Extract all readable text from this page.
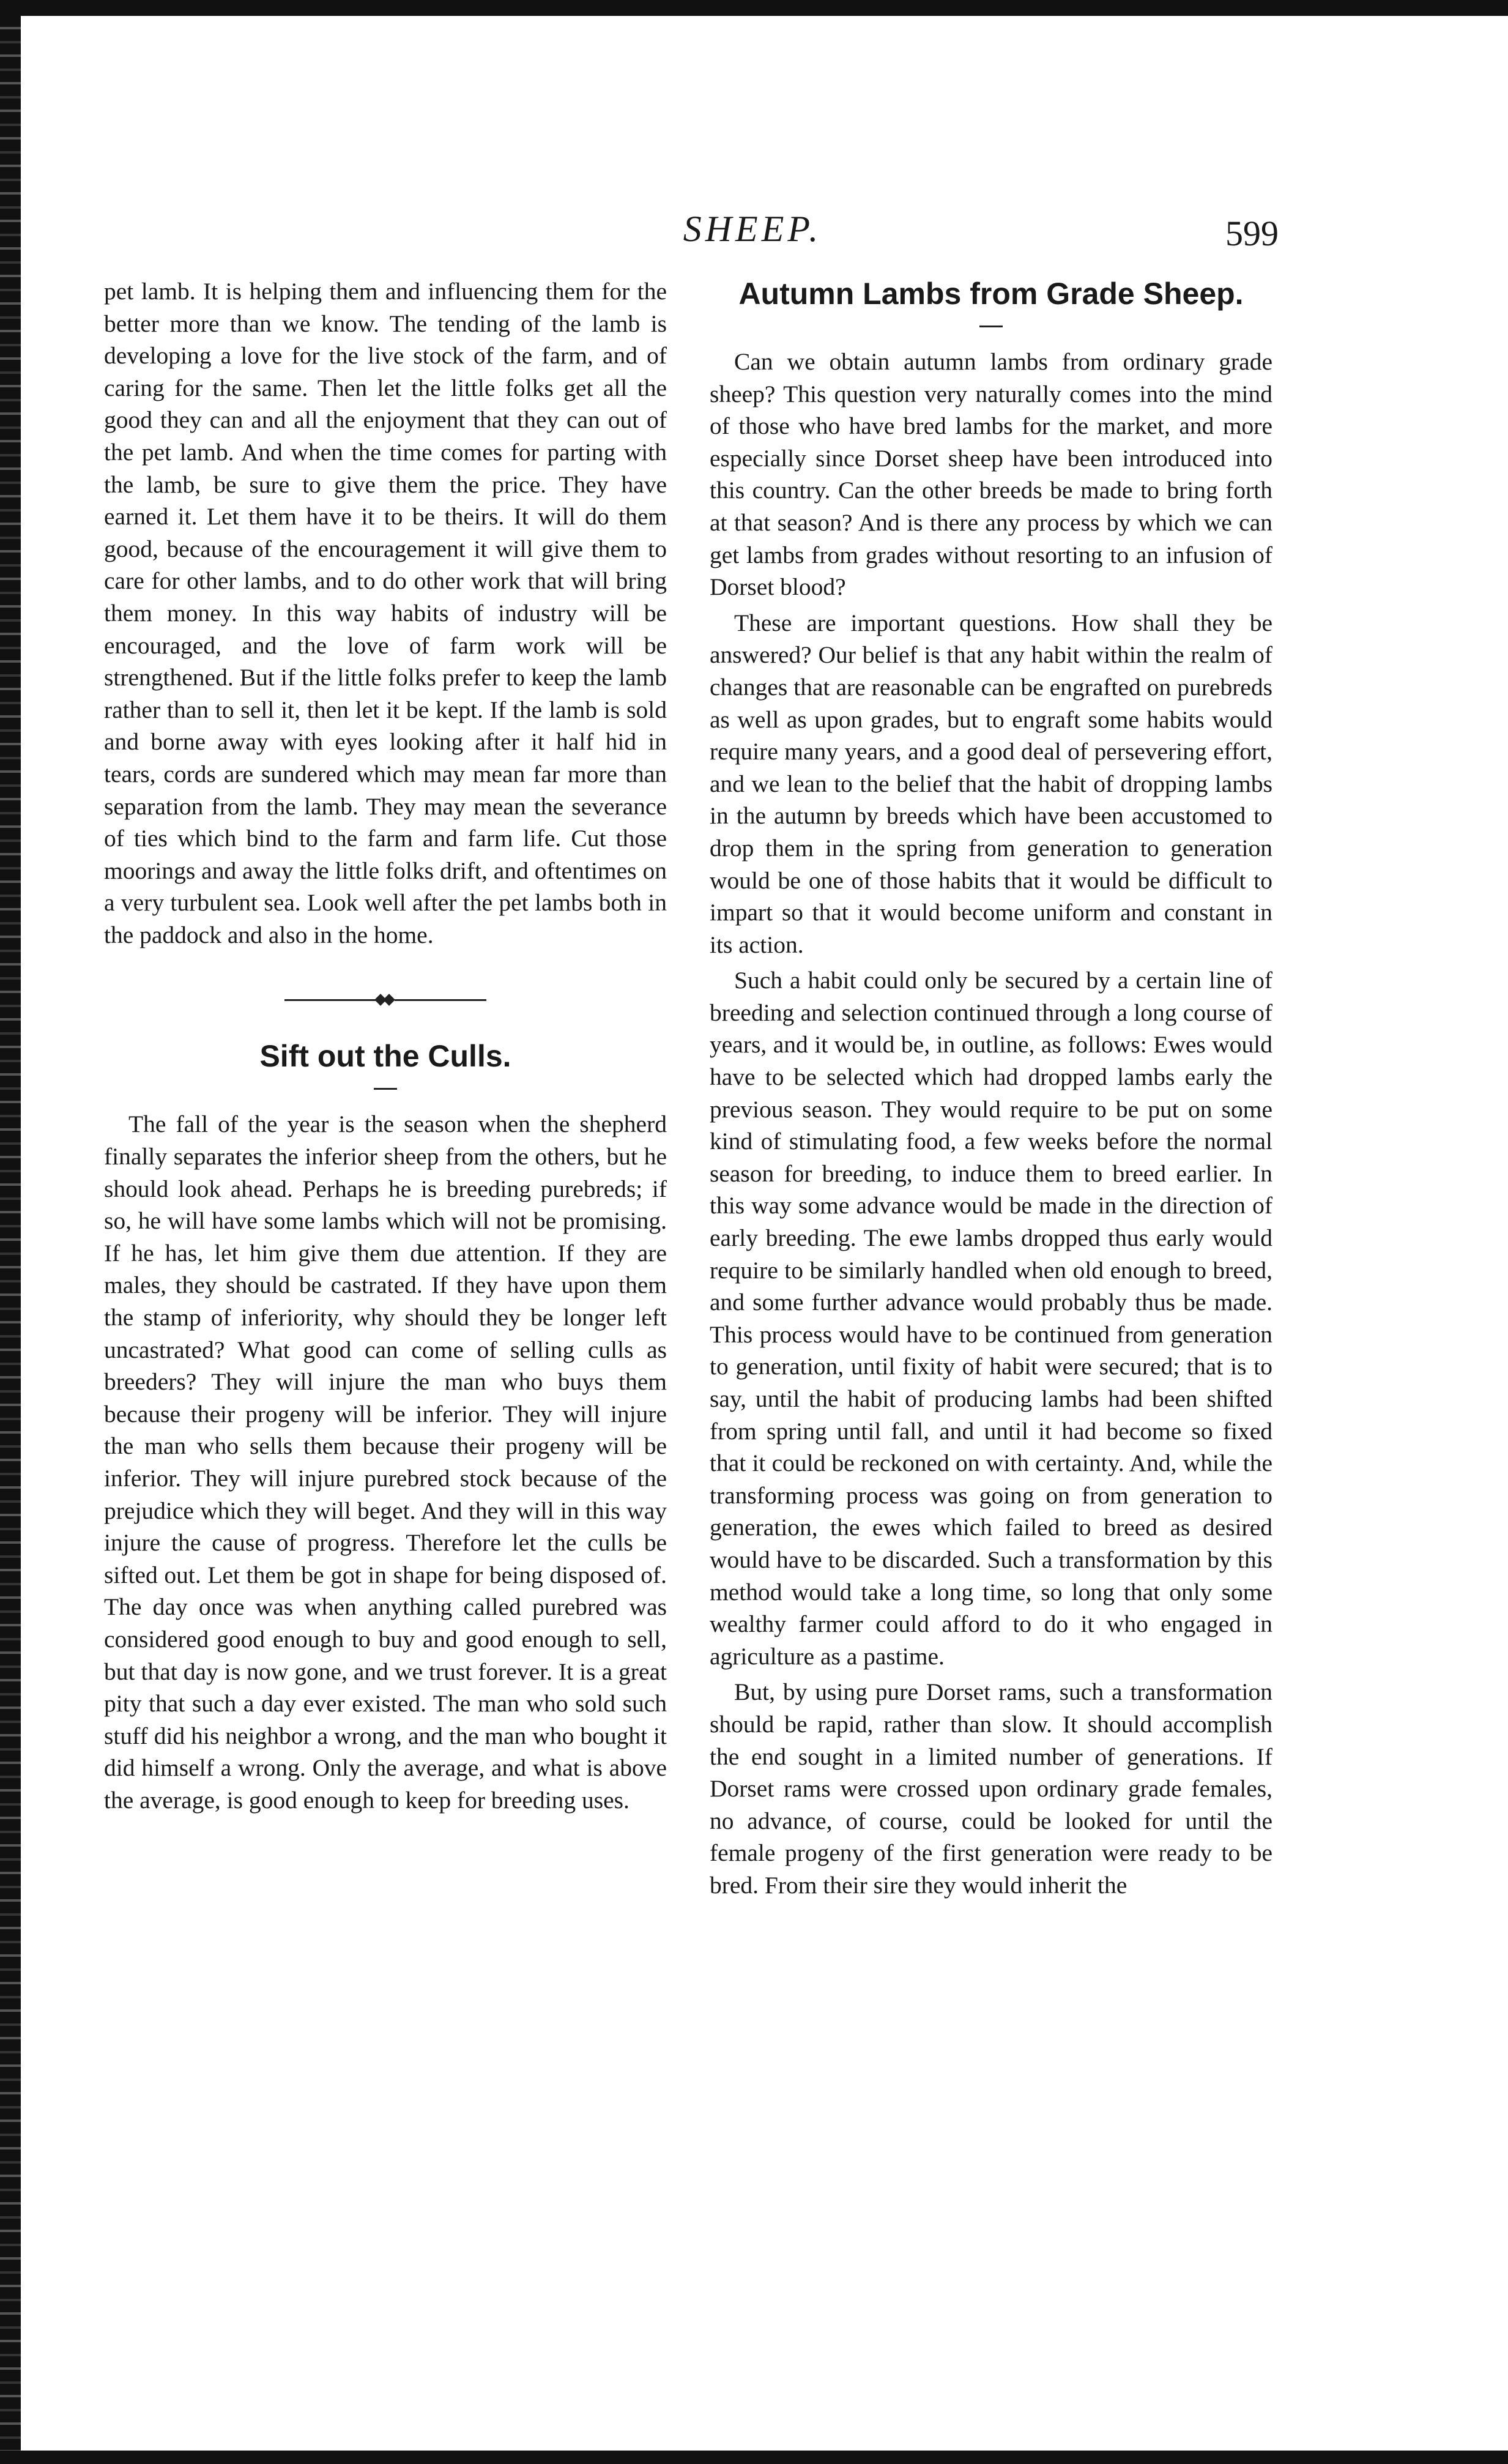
SHEEP.	599

pet lamb. It is helping them and influencing them for the better more than we know. The tending of the lamb is developing a love for the live stock of the farm, and of caring for the same. Then let the little folks get all the good they can and all the enjoyment that they can out of the pet lamb. And when the time comes for parting with the lamb, be sure to give them the price. They have earned it. Let them have it to be theirs. It will do them good, because of the encouragement it will give them to care for other lambs, and to do other work that will bring them money. In this way habits of industry will be encouraged, and the love of farm work will be strengthened. But if the little folks prefer to keep the lamb rather than to sell it, then let it be kept. If the lamb is sold and borne away with eyes looking after it half hid in tears, cords are sundered which may mean far more than separation from the lamb. They may mean the severance of ties which bind to the farm and farm life. Cut those moorings and away the little folks drift, and oftentimes on a very turbulent sea. Look well after the pet lambs both in the paddock and also in the home.

Sift out the Culls.

The fall of the year is the season when the shepherd finally separates the inferior sheep from the others, but he should look ahead. Perhaps he is breeding purebreds; if so, he will have some lambs which will not be promising. If he has, let him give them due attention. If they are males, they should be castrated. If they have upon them the stamp of inferiority, why should they be longer left uncastrated? What good can come of selling culls as breeders? They will injure the man who buys them because their progeny will be inferior. They will injure the man who sells them because their progeny will be inferior. They will injure purebred stock because of the prejudice which they will beget. And they will in this way injure the cause of progress. Therefore let the culls be sifted out. Let them be got in shape for being disposed of. The day once was when anything called purebred was considered good enough to buy and good enough to sell, but that day is now gone, and we trust forever. It is a great pity that such a day ever existed. The man who sold such stuff did his neighbor a wrong, and the man who bought it did himself a wrong. Only the average, and what is above the average, is good enough to keep for breeding uses.

Autumn Lambs from Grade Sheep.

Can we obtain autumn lambs from ordinary grade sheep? This question very naturally comes into the mind of those who have bred lambs for the market, and more especially since Dorset sheep have been introduced into this country. Can the other breeds be made to bring forth at that season? And is there any process by which we can get lambs from grades without resorting to an infusion of Dorset blood?

These are important questions. How shall they be answered? Our belief is that any habit within the realm of changes that are reasonable can be engrafted on purebreds as well as upon grades, but to engraft some habits would require many years, and a good deal of persevering effort, and we lean to the belief that the habit of dropping lambs in the autumn by breeds which have been accustomed to drop them in the spring from generation to generation would be one of those habits that it would be difficult to impart so that it would become uniform and constant in its action.

Such a habit could only be secured by a certain line of breeding and selection continued through a long course of years, and it would be, in outline, as follows: Ewes would have to be selected which had dropped lambs early the previous season. They would require to be put on some kind of stimulating food, a few weeks before the normal season for breeding, to induce them to breed earlier. In this way some advance would be made in the direction of early breeding. The ewe lambs dropped thus early would require to be similarly handled when old enough to breed, and some further advance would probably thus be made. This process would have to be continued from generation to generation, until fixity of habit were secured; that is to say, until the habit of producing lambs had been shifted from spring until fall, and until it had become so fixed that it could be reckoned on with certainty. And, while the transforming process was going on from generation to generation, the ewes which failed to breed as desired would have to be discarded. Such a transformation by this method would take a long time, so long that only some wealthy farmer could afford to do it who engaged in agriculture as a pastime.

But, by using pure Dorset rams, such a transformation should be rapid, rather than slow. It should accomplish the end sought in a limited number of generations. If Dorset rams were crossed upon ordinary grade females, no advance, of course, could be looked for until the female progeny of the first generation were ready to be bred. From their sire they would inherit the
